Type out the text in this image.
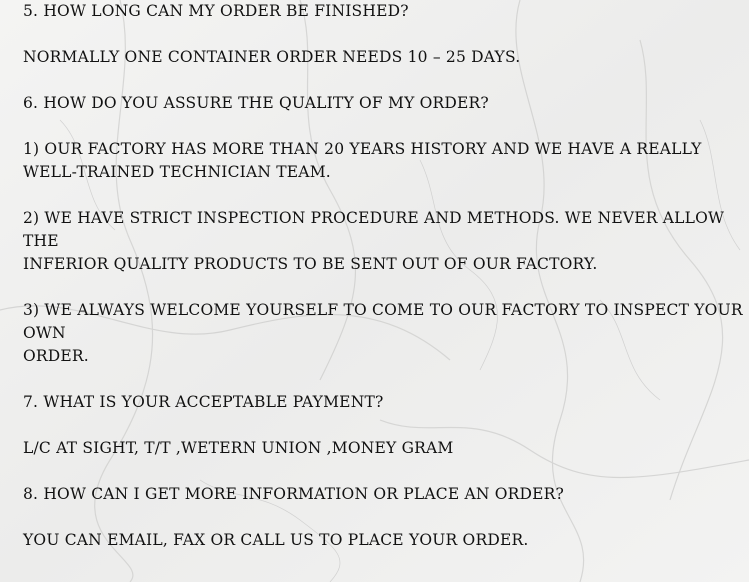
5. HOW LONG CAN MY ORDER BE FINISHED?

NORMALLY ONE CONTAINER ORDER NEEDS 10 – 25 DAYS.

6. HOW DO YOU ASSURE THE QUALITY OF MY ORDER?

1) OUR FACTORY HAS MORE THAN 20 YEARS HISTORY AND WE HAVE A REALLY

WELL-TRAINED TECHNICIAN TEAM.

2) WE HAVE STRICT INSPECTION PROCEDURE AND METHODS. WE NEVER ALLOW THE

INFERIOR QUALITY PRODUCTS TO BE SENT OUT OF OUR FACTORY.

3) WE ALWAYS WELCOME YOURSELF TO COME TO OUR FACTORY TO INSPECT YOUR OWN

ORDER.

7. WHAT IS YOUR ACCEPTABLE PAYMENT?

L/C AT SIGHT, T/T ,WETERN UNION ,MONEY GRAM

8. HOW CAN I GET MORE INFORMATION OR PLACE AN ORDER?

YOU CAN EMAIL, FAX OR CALL US TO PLACE YOUR ORDER.
